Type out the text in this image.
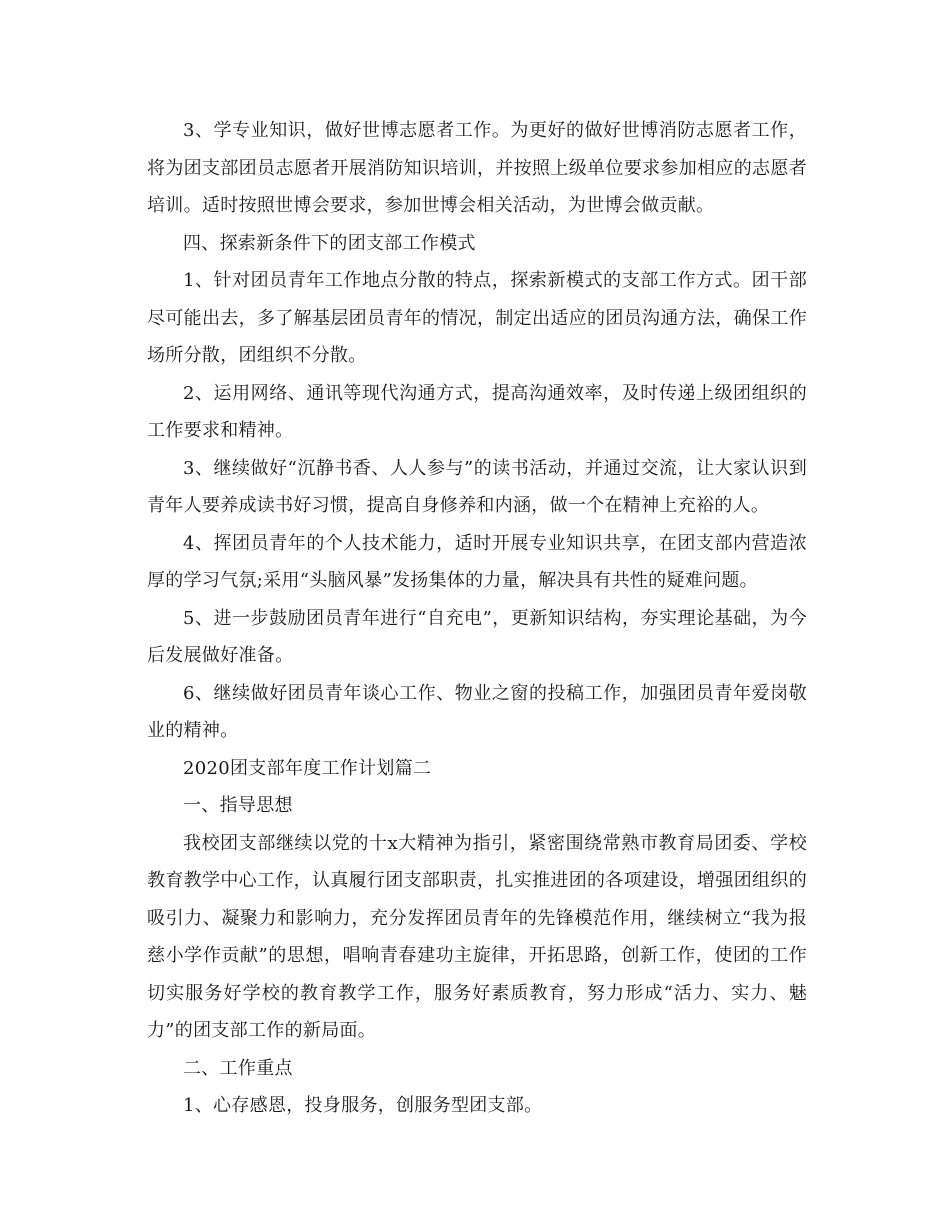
3、学专业知识，做好世博志愿者工作。为更好的做好世博消防志愿者工作，将为团支部团员志愿者开展消防知识培训，并按照上级单位要求参加相应的志愿者培训。适时按照世博会要求，参加世博会相关活动，为世博会做贡献。

四、探索新条件下的团支部工作模式

1、针对团员青年工作地点分散的特点，探索新模式的支部工作方式。团干部尽可能出去，多了解基层团员青年的情况，制定出适应的团员沟通方法，确保工作场所分散，团组织不分散。

2、运用网络、通讯等现代沟通方式，提高沟通效率，及时传递上级团组织的工作要求和精神。

3、继续做好“沉静书香、人人参与”的读书活动，并通过交流，让大家认识到青年人要养成读书好习惯，提高自身修养和内涵，做一个在精神上充裕的人。

4、挥团员青年的个人技术能力，适时开展专业知识共享，在团支部内营造浓厚的学习气氛;采用“头脑风暴”发扬集体的力量，解决具有共性的疑难问题。

5、进一步鼓励团员青年进行“自充电”，更新知识结构，夯实理论基础，为今后发展做好准备。

6、继续做好团员青年谈心工作、物业之窗的投稿工作，加强团员青年爱岗敬业的精神。

2020团支部年度工作计划篇二

一、指导思想

我校团支部继续以党的十x大精神为指引，紧密围绕常熟市教育局团委、学校教育教学中心工作，认真履行团支部职责，扎实推进团的各项建设，增强团组织的吸引力、凝聚力和影响力，充分发挥团员青年的先锋模范作用，继续树立“我为报慈小学作贡献”的思想，唱响青春建功主旋律，开拓思路，创新工作，使团的工作切实服务好学校的教育教学工作，服务好素质教育，努力形成“活力、实力、魅力”的团支部工作的新局面。

二、工作重点

1、心存感恩，投身服务，创服务型团支部。
